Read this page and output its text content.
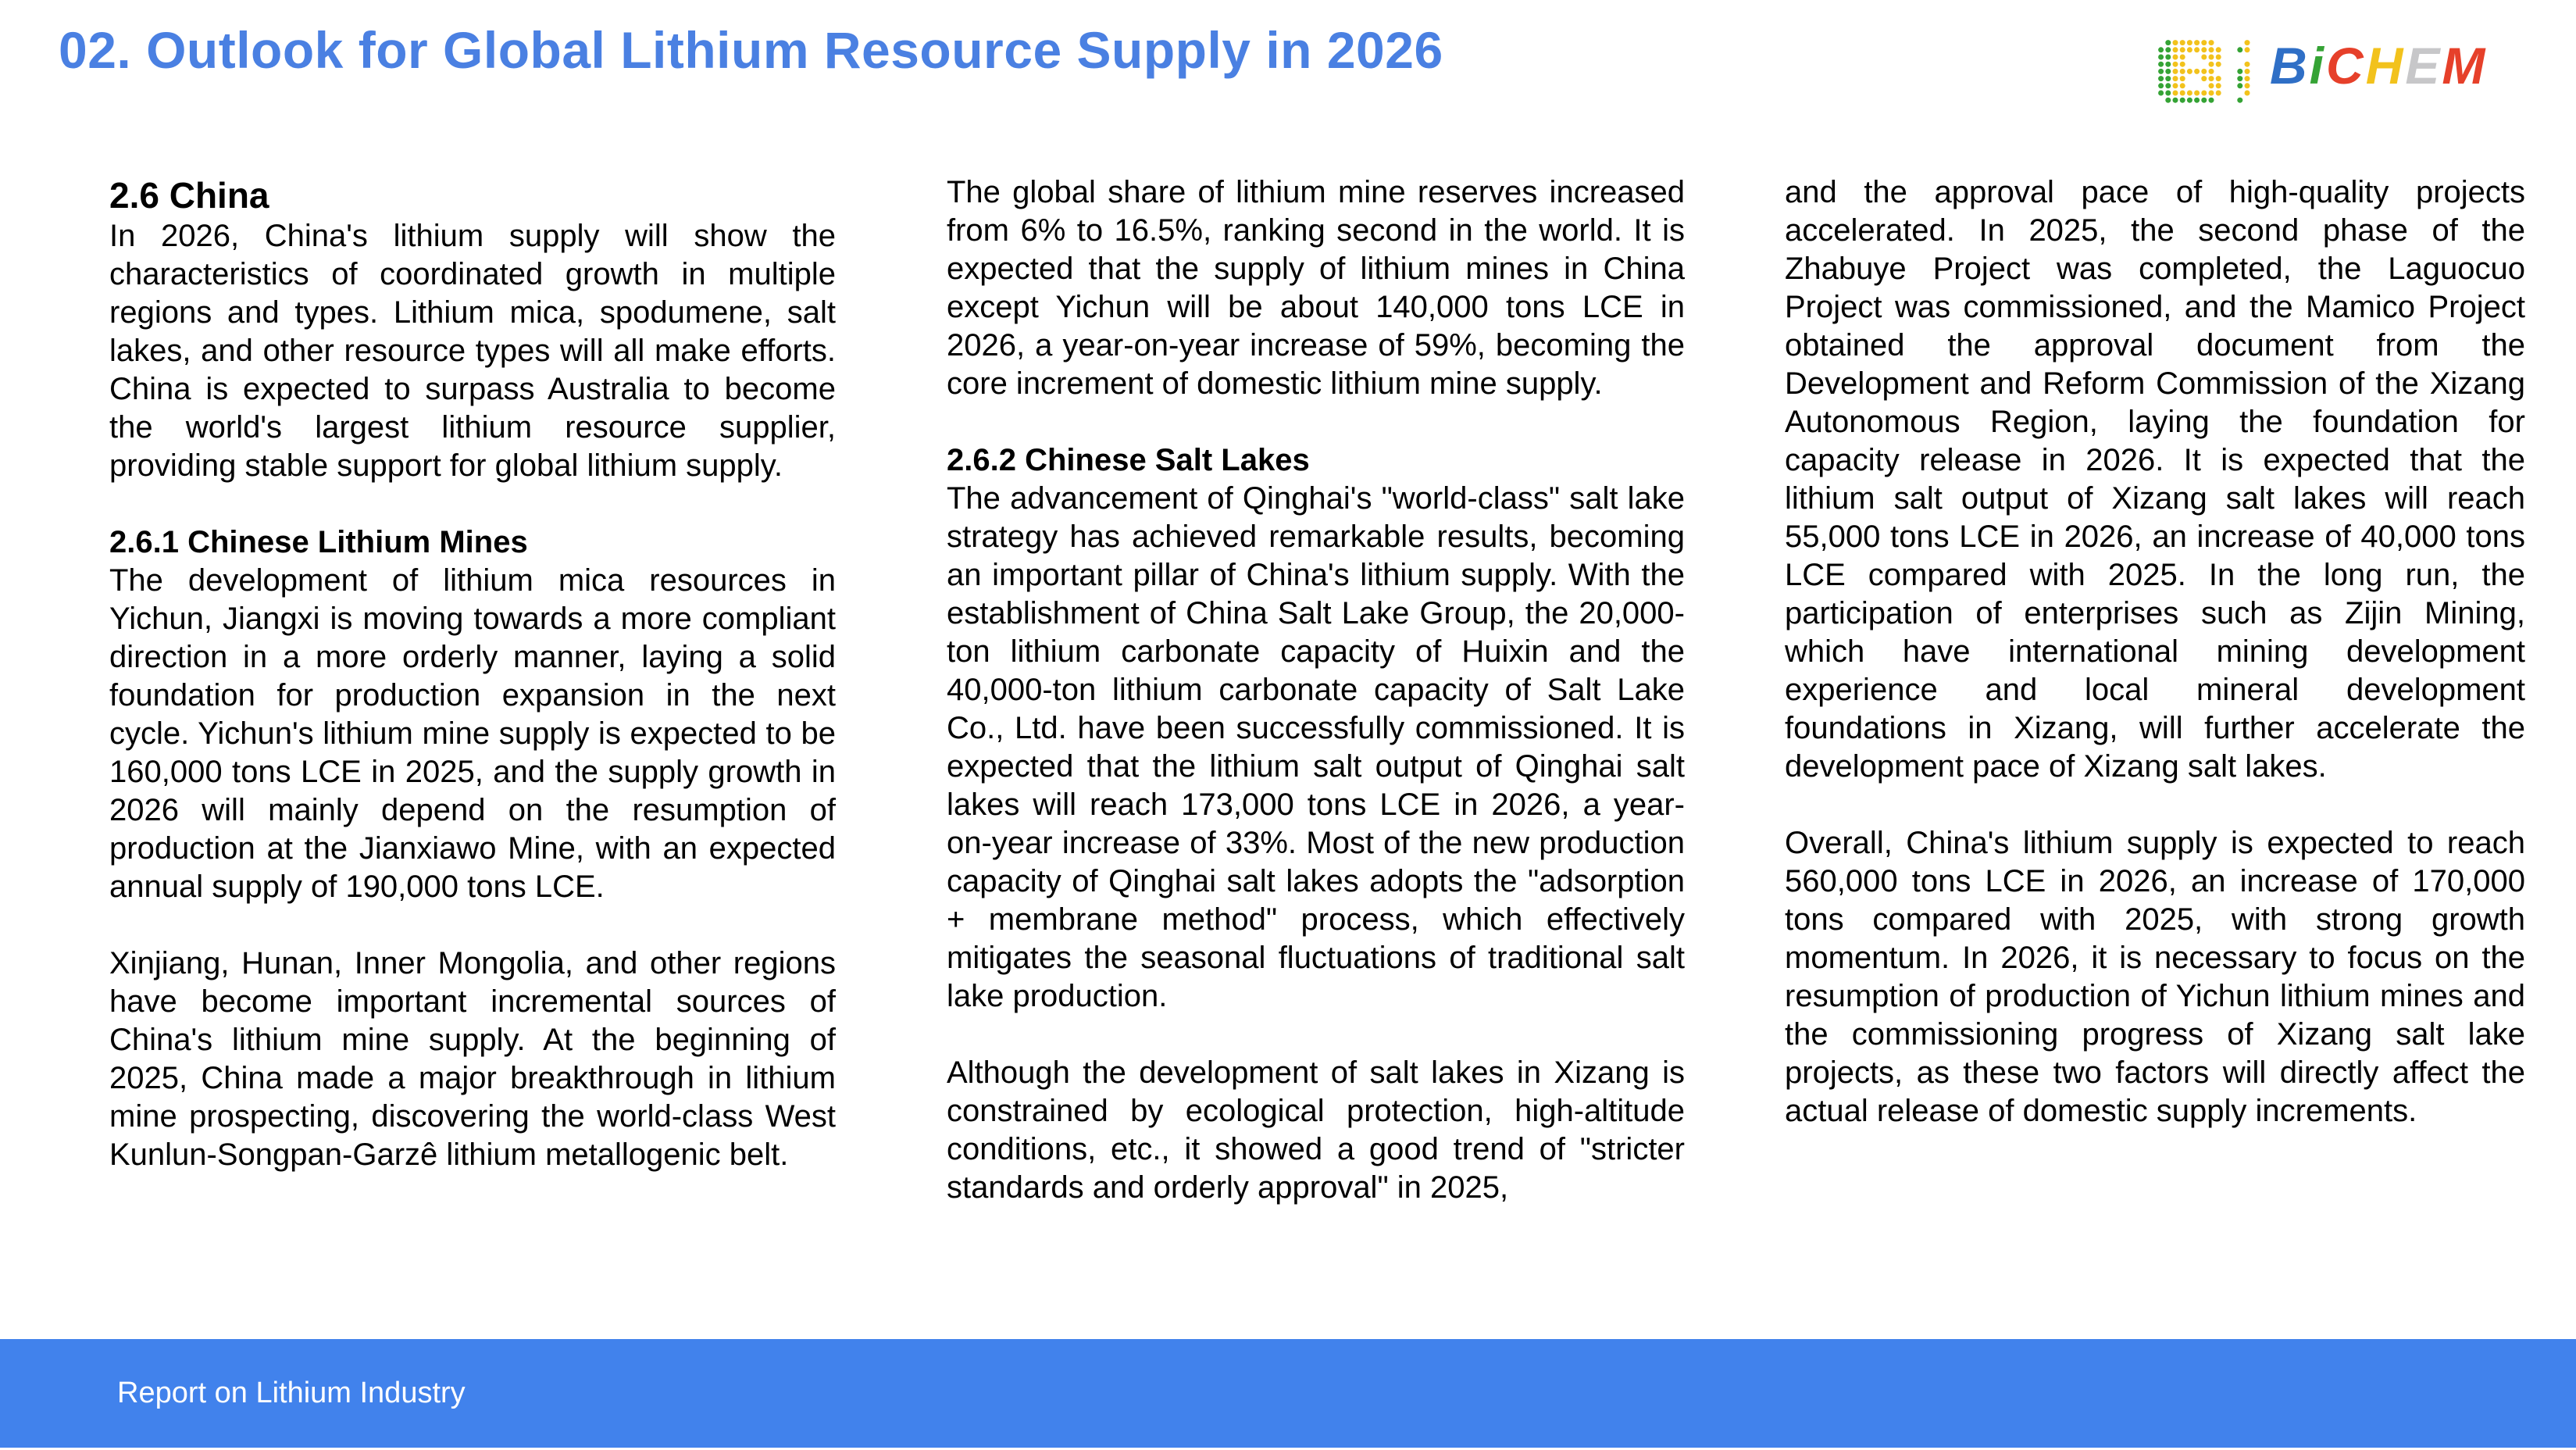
02. Outlook for Global Lithium Resource Supply in 2026	B i C H E M
2.6 China

In 2026, China's lithium supply will show the characteristics of coordinated growth in multiple regions and types. Lithium mica, spodumene, salt lakes, and other resource types will all make efforts. China is expected to surpass Australia to become the world's largest lithium resource supplier, providing stable support for global lithium supply.

2.6.1 Chinese Lithium Mines

The development of lithium mica resources in Yichun, Jiangxi is moving towards a more compliant direction in a more orderly manner, laying a solid foundation for production expansion in the next cycle. Yichun's lithium mine supply is expected to be 160,000 tons LCE in 2025, and the supply growth in 2026 will mainly depend on the resumption of production at the Jianxiawo Mine, with an expected annual supply of 190,000 tons LCE.

Xinjiang, Hunan, Inner Mongolia, and other regions have become important incremental sources of China's lithium mine supply. At the beginning of 2025, China made a major breakthrough in lithium mine prospecting, discovering the world-class West Kunlun-Songpan-Garzê lithium metallogenic belt.

The global share of lithium mine reserves increased from 6% to 16.5%, ranking second in the world. It is expected that the supply of lithium mines in China except Yichun will be about 140,000 tons LCE in 2026, a year-on-year increase of 59%, becoming the core increment of domestic lithium mine supply.

2.6.2 Chinese Salt Lakes

The advancement of Qinghai's "world-class" salt lake strategy has achieved remarkable results, becoming an important pillar of China's lithium supply. With the establishment of China Salt Lake Group, the 20,000-ton lithium carbonate capacity of Huixin and the 40,000-ton lithium carbonate capacity of Salt Lake Co., Ltd. have been successfully commissioned. It is expected that the lithium salt output of Qinghai salt lakes will reach 173,000 tons LCE in 2026, a year-on-year increase of 33%. Most of the new production capacity of Qinghai salt lakes adopts the "adsorption + membrane method" process, which effectively mitigates the seasonal fluctuations of traditional salt lake production.

Although the development of salt lakes in Xizang is constrained by ecological protection, high-altitude conditions, etc., it showed a good trend of "stricter standards and orderly approval" in 2025,

and the approval pace of high-quality projects accelerated. In 2025, the second phase of the Zhabuye Project was completed, the Laguocuo Project was commissioned, and the Mamico Project obtained the approval document from the Development and Reform Commission of the Xizang Autonomous Region, laying the foundation for capacity release in 2026. It is expected that the lithium salt output of Xizang salt lakes will reach 55,000 tons LCE in 2026, an increase of 40,000 tons LCE compared with 2025. In the long run, the participation of enterprises such as Zijin Mining, which have international mining development experience and local mineral development foundations in Xizang, will further accelerate the development pace of Xizang salt lakes.

Overall, China's lithium supply is expected to reach 560,000 tons LCE in 2026, an increase of 170,000 tons compared with 2025, with strong growth momentum. In 2026, it is necessary to focus on the resumption of production of Yichun lithium mines and the commissioning progress of Xizang salt lake projects, as these two factors will directly affect the actual release of domestic supply increments.

Report on Lithium Industry
